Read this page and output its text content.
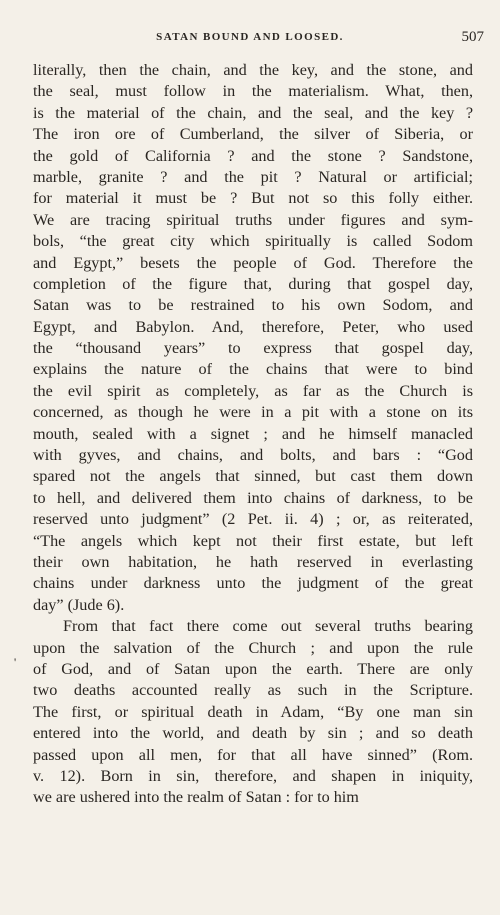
SATAN BOUND AND LOOSED.	507
'
literally, then the chain, and the key, and the stone, and
the seal, must follow in the materialism. What, then,
is the material of the chain, and the seal, and the key ?
The iron ore of Cumberland, the silver of Siberia, or
the gold of California ? and the stone ? Sandstone,
marble, granite ? and the pit ? Natural or artificial;
for material it must be ? But not so this folly either.
We are tracing spiritual truths under figures and sym-
bols, “the great city which spiritually is called Sodom
and Egypt,” besets the people of God. Therefore the
completion of the figure that, during that gospel day,
Satan was to be restrained to his own Sodom, and
Egypt, and Babylon. And, therefore, Peter, who used
the “thousand years” to express that gospel day,
explains the nature of the chains that were to bind
the evil spirit as completely, as far as the Church is
concerned, as though he were in a pit with a stone on its
mouth, sealed with a signet ; and he himself manacled
with gyves, and chains, and bolts, and bars : “God
spared not the angels that sinned, but cast them down
to hell, and delivered them into chains of darkness, to be
reserved unto judgment” (2 Pet. ii. 4) ; or, as reiterated,
“The angels which kept not their first estate, but left
their own habitation, he hath reserved in everlasting
chains under darkness unto the judgment of the great
day” (Jude 6).
From that fact there come out several truths bearing
upon the salvation of the Church ; and upon the rule
of God, and of Satan upon the earth. There are only
two deaths accounted really as such in the Scripture.
The first, or spiritual death in Adam, “By one man sin
entered into the world, and death by sin ; and so death
passed upon all men, for that all have sinned” (Rom.
v. 12). Born in sin, therefore, and shapen in iniquity,
we are ushered into the realm of Satan : for to him
